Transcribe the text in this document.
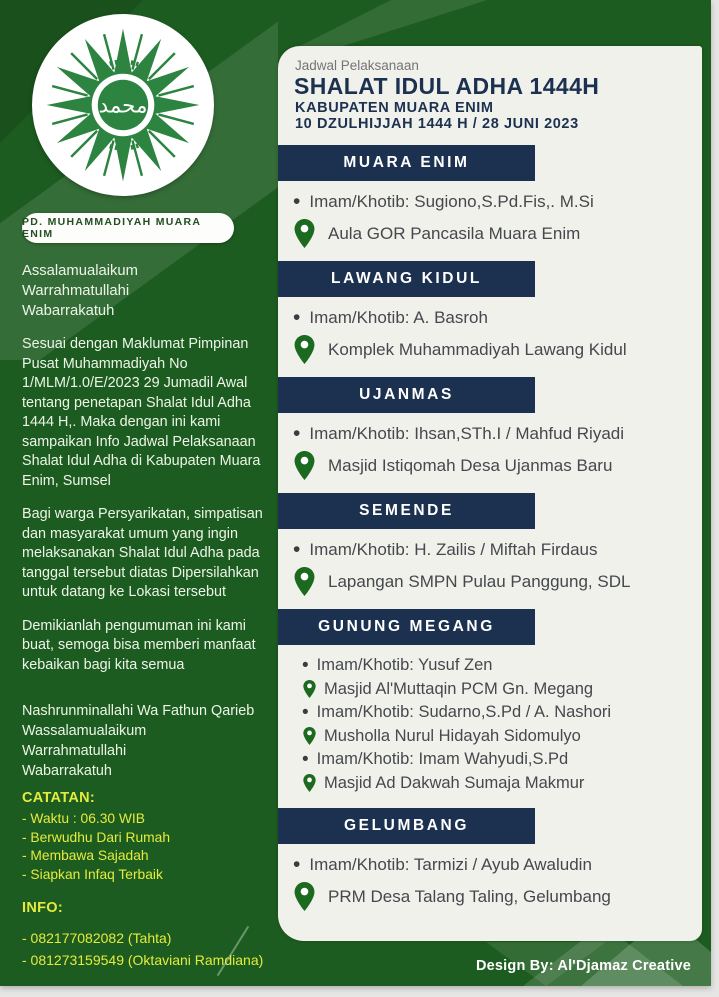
محمد
PD. MUHAMMADIYAH MUARA ENIM
Assalamualaikum
Warrahmatullahi
Wabarrakatuh

Sesuai dengan Maklumat Pimpinan Pusat Muhammadiyah No 1/MLM/1.0/E/2023 29 Jumadil Awal tentang penetapan Shalat Idul Adha 1444 H,. Maka dengan ini kami sampaikan Info Jadwal Pelaksanaan Shalat Idul Adha di Kabupaten Muara Enim, Sumsel

Bagi warga Persyarikatan, simpatisan dan masyarakat umum yang ingin melaksanakan Shalat Idul Adha pada tanggal tersebut diatas Dipersilahkan untuk datang ke Lokasi tersebut

Demikianlah pengumuman ini kami buat, semoga bisa memberi manfaat kebaikan bagi kita semua

Nashrunminallahi Wa Fathun Qarieb
Wassalamualaikum
Warrahmatullahi
Wabarrakatuh
CATATAN:
- Waktu : 06.30 WIB
- Berwudhu Dari Rumah
- Membawa Sajadah
- Siapkan Infaq Terbaik
INFO:
- 082177082082 (Tahta)
- 081273159549 (Oktaviani Ramdiana)
Jadwal Pelaksanaan
SHALAT IDUL ADHA 1444H
KABUPATEN MUARA ENIM
10 DZULHIJJAH 1444 H / 28 JUNI 2023
MUARA ENIM
• Imam/Khotib: Sugiono,S.Pd.Fis,. M.Si
Aula GOR Pancasila Muara Enim
LAWANG KIDUL
• Imam/Khotib: A. Basroh
Komplek Muhammadiyah Lawang Kidul
UJANMAS
• Imam/Khotib: Ihsan,STh.I / Mahfud Riyadi
Masjid Istiqomah Desa Ujanmas Baru
SEMENDE
• Imam/Khotib: H. Zailis / Miftah Firdaus
Lapangan SMPN Pulau Panggung, SDL
GUNUNG MEGANG
• Imam/Khotib: Yusuf Zen
Masjid Al'Muttaqin PCM Gn. Megang
• Imam/Khotib: Sudarno,S.Pd / A. Nashori
Musholla Nurul Hidayah Sidomulyo
• Imam/Khotib: Imam Wahyudi,S.Pd
Masjid Ad Dakwah Sumaja Makmur
GELUMBANG
• Imam/Khotib: Tarmizi / Ayub Awaludin
PRM Desa Talang Taling, Gelumbang
Design By: Al'Djamaz Creative
